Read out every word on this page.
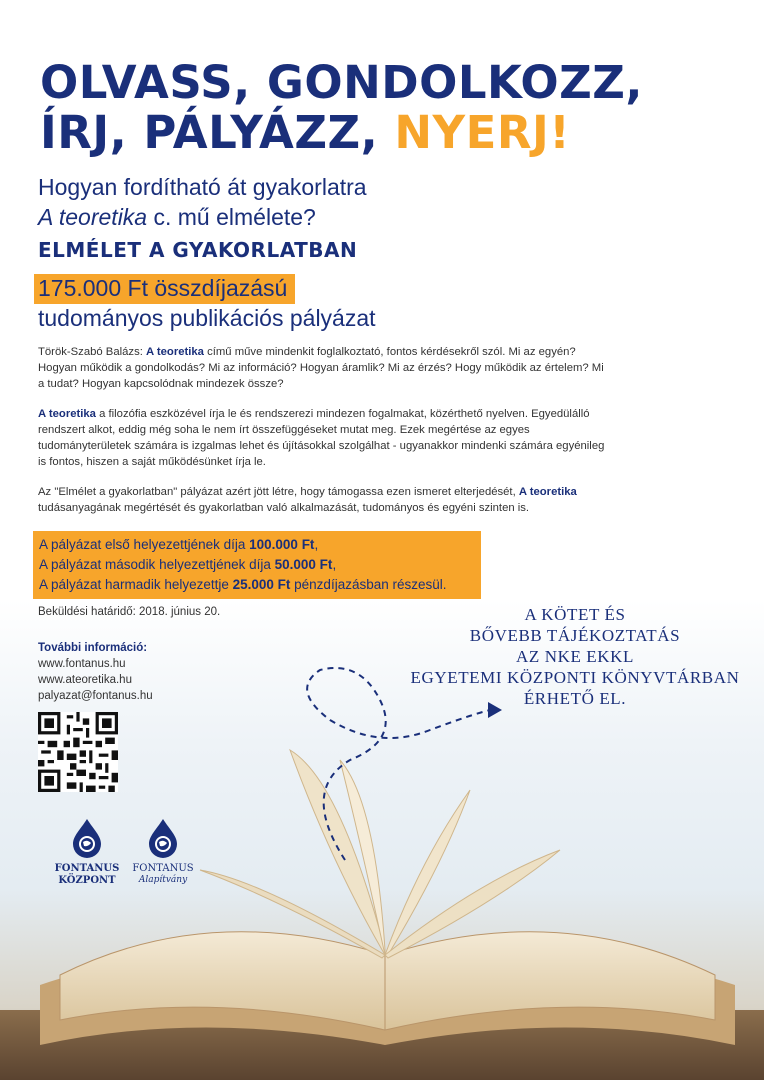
OLVASS, GONDOLKOZZ,
ÍRJ, PÁLYÁZZ, NYERJ!
Hogyan fordítható át gyakorlatra
A teoretika c. mű elmélete?
ELMÉLET A GYAKORLATBAN
175.000 Ft összdíjazású
tudományos publikációs pályázat

Török-Szabó Balázs: A teoretika című műve mindenkit foglalkoztató, fontos kérdésekről szól. Mi az egyén? Hogyan működik a gondolkodás? Mi az információ? Hogyan áramlik? Mi az érzés? Hogy működik az értelem? Mi a tudat? Hogyan kapcsolódnak mindezek össze?

A teoretika a filozófia eszközével írja le és rendszerezi mindezen fogalmakat, közérthető nyelven. Egyedülálló rendszert alkot, eddig még soha le nem írt összefüggéseket mutat meg. Ezek megértése az egyes tudományterületek számára is izgalmas lehet és újításokkal szolgálhat - ugyanakkor mindenki számára egyénileg is fontos, hiszen a saját működésünket írja le.

Az "Elmélet a gyakorlatban" pályázat azért jött létre, hogy támogassa ezen ismeret elterjedését, A teoretika tudásanyagának megértését és gyakorlatban való alkalmazását, tudományos és egyéni szinten is.

A pályázat első helyezettjének díja 100.000 Ft,
A pályázat második helyezettjének díja 50.000 Ft,
A pályázat harmadik helyezettje 25.000 Ft pénzdíjazásban részesül.
Beküldési határidő: 2018. június 20.
További információ:
www.fontanus.hu
www.ateoretika.hu
palyazat@fontanus.hu
FONTANUS
KÖZPONT
FONTANUS
Alapítvány
A KÖTET ÉS
BŐVEBB TÁJÉKOZTATÁS
AZ NKE EKKL
EGYETEMI KÖZPONTI KÖNYVTÁRBAN
ÉRHETŐ EL.
